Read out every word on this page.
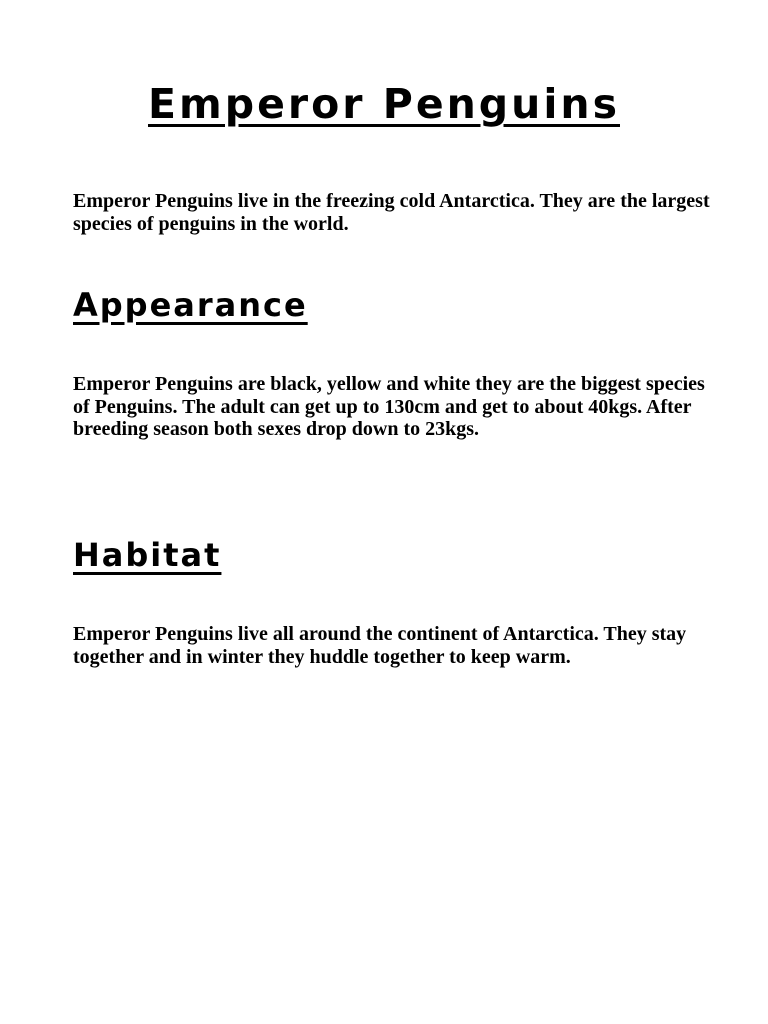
Emperor Penguins

Emperor Penguins live in the freezing cold Antarctica. They are the largest species of penguins in the world.

Appearance

Emperor Penguins are black, yellow and white they are the biggest species of Penguins. The adult can get up to 130cm and get to about 40kgs. After breeding season both sexes drop down to 23kgs.

Habitat

Emperor Penguins live all around the continent of Antarctica. They stay together and in winter they huddle together to keep warm.
